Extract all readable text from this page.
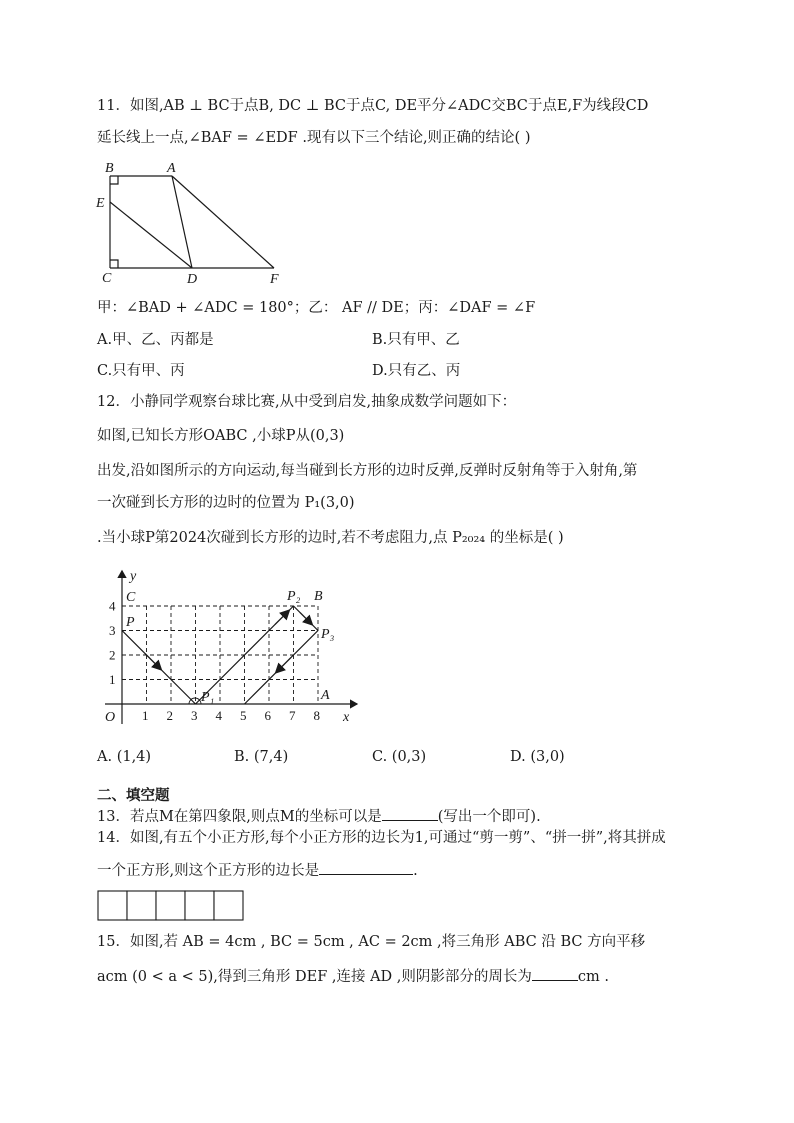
11．如图,AB ⊥ BC于点B, DC ⊥ BC于点C, DE平分∠ADC交BC于点E,F为线段CD
延长线上一点,∠BAF = ∠EDF .现有以下三个结论,则正确的结论( )
B	A
E
C	D	F
甲：∠BAD + ∠ADC = 180°；乙： AF // DE；丙：∠DAF = ∠F
A.甲、乙、丙都是	B.只有甲、乙
C.只有甲、丙	D.只有乙、丙
12．小静同学观察台球比赛,从中受到启发,抽象成数学问题如下：
如图,已知长方形OABC ,小球P从(0,3)
出发,沿如图所示的方向运动,每当碰到长方形的边时反弹,反弹时反射角等于入射角,第
一次碰到长方形的边时的位置为 P₁(3,0)
.当小球P第2024次碰到长方形的边时,若不考虑阻力,点 P₂₀₂₄ 的坐标是( )
1 2 3 4 5 6 7 8
1
2
3
4
y
x
O
C
P
P₁
P₂ B
P₃
A
A. (1,4)	B. (7,4)	C. (0,3)	D. (3,0)
二、填空题
13．若点M在第四象限,则点M的坐标可以是	(写出一个即可).
14．如图,有五个小正方形,每个小正方形的边长为1,可通过“剪一剪”、“拼一拼”,将其拼成
一个正方形,则这个正方形的边长是	.
15．如图,若 AB = 4cm , BC = 5cm , AC = 2cm ,将三角形 ABC 沿 BC 方向平移
acm (0 < a < 5),得到三角形 DEF ,连接 AD ,则阴影部分的周长为	cm .
